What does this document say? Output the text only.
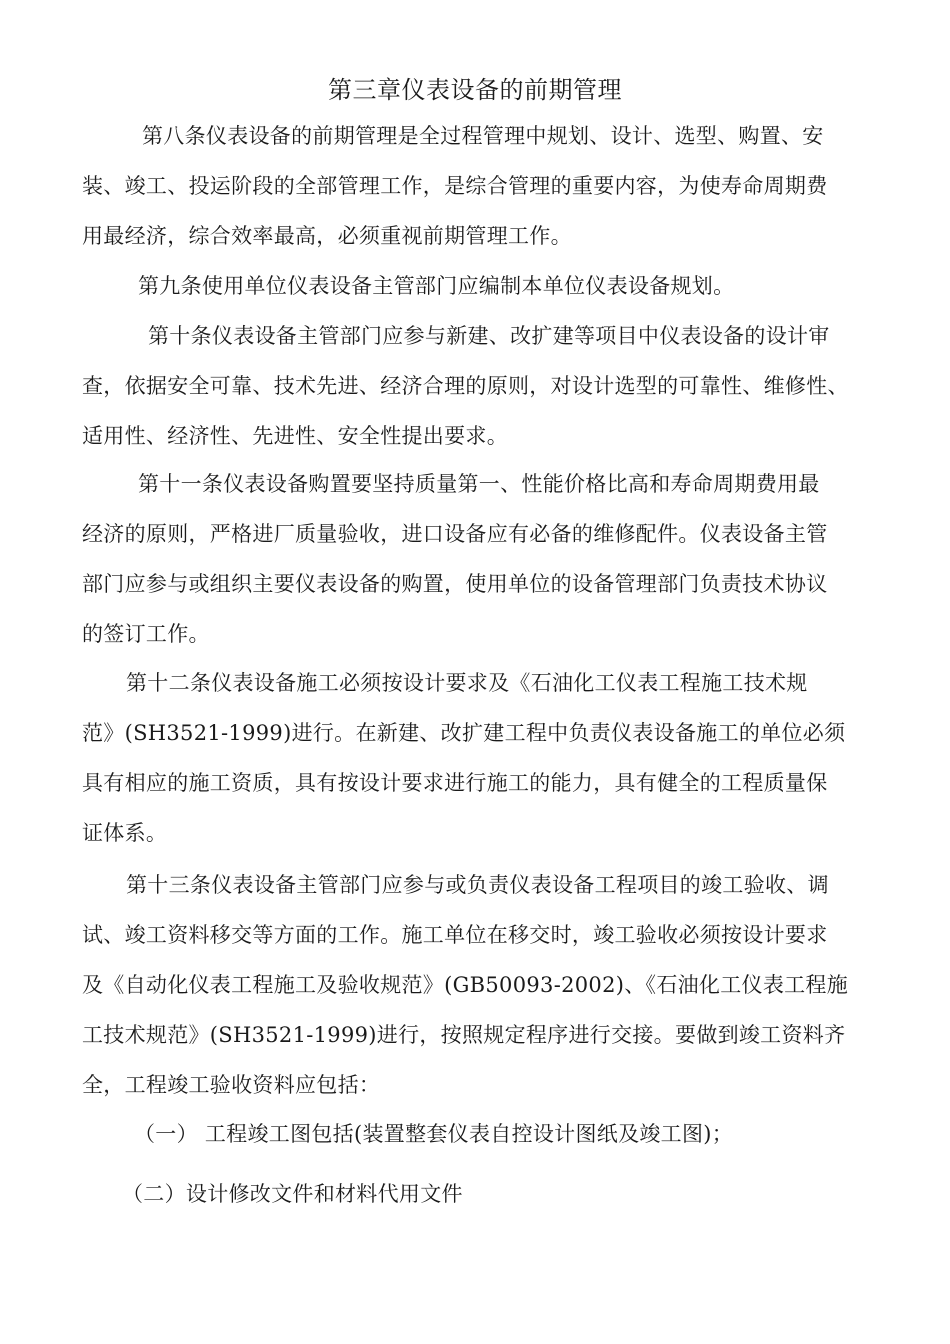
第三章仪表设备的前期管理
第八条仪表设备的前期管理是全过程管理中规划、设计、选型、购置、安
装、竣工、投运阶段的全部管理工作，是综合管理的重要内容，为使寿命周期费
用最经济，综合效率最高，必须重视前期管理工作。
第九条使用单位仪表设备主管部门应编制本单位仪表设备规划。
第十条仪表设备主管部门应参与新建、改扩建等项目中仪表设备的设计审
查，依据安全可靠、技术先进、经济合理的原则，对设计选型的可靠性、维修性、
适用性、经济性、先进性、安全性提出要求。
第十一条仪表设备购置要坚持质量第一、性能价格比高和寿命周期费用最
经济的原则，严格进厂质量验收，进口设备应有必备的维修配件。仪表设备主管
部门应参与或组织主要仪表设备的购置，使用单位的设备管理部门负责技术协议
的签订工作。
第十二条仪表设备施工必须按设计要求及《石油化工仪表工程施工技术规
范》(SH3521-1999)进行。在新建、改扩建工程中负责仪表设备施工的单位必须
具有相应的施工资质，具有按设计要求进行施工的能力，具有健全的工程质量保
证体系。
第十三条仪表设备主管部门应参与或负责仪表设备工程项目的竣工验收、调
试、竣工资料移交等方面的工作。施工单位在移交时，竣工验收必须按设计要求
及《自动化仪表工程施工及验收规范》(GB50093-2002)、《石油化工仪表工程施
工技术规范》(SH3521-1999)进行，按照规定程序进行交接。要做到竣工资料齐
全，工程竣工验收资料应包括：
（一） 工程竣工图包括(装置整套仪表自控设计图纸及竣工图)；
（二）设计修改文件和材料代用文件
